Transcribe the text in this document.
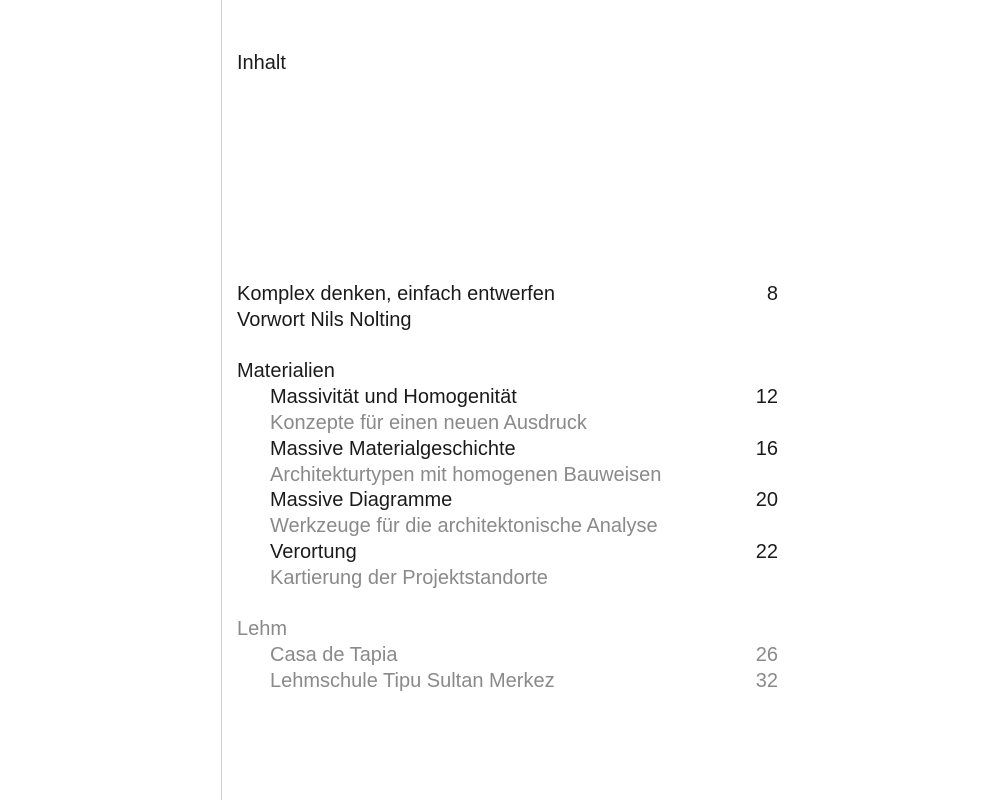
Inhalt
Komplex denken, einfach entwerfen	8
Vorwort Nils Nolting
Materialien
Massivität und Homogenität	12
Konzepte für einen neuen Ausdruck
Massive Materialgeschichte	16
Architekturtypen mit homogenen Bauweisen
Massive Diagramme	20
Werkzeuge für die architektonische Analyse
Verortung	22
Kartierung der Projektstandorte
Lehm
Casa de Tapia	26
Lehmschule Tipu Sultan Merkez	32
